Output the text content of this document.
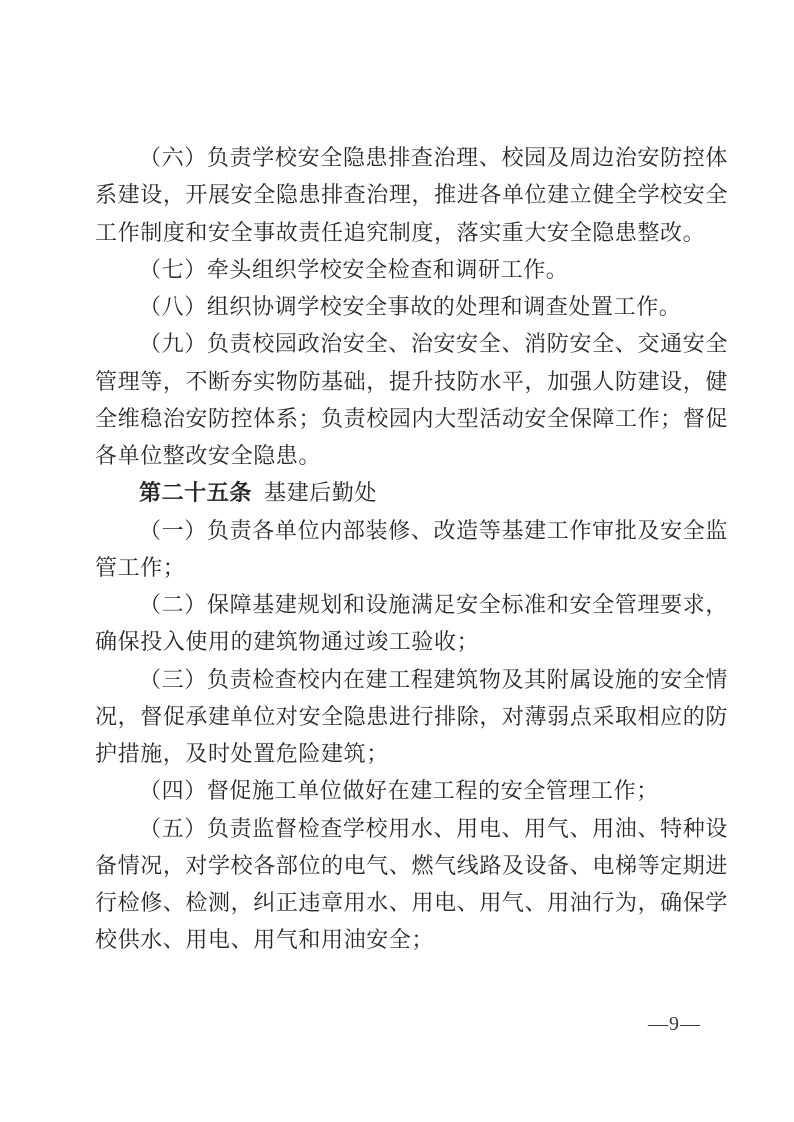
（六）负责学校安全隐患排查治理、校园及周边治安防控体系建设，开展安全隐患排查治理，推进各单位建立健全学校安全工作制度和安全事故责任追究制度，落实重大安全隐患整改。

（七）牵头组织学校安全检查和调研工作。

（八）组织协调学校安全事故的处理和调查处置工作。

（九）负责校园政治安全、治安安全、消防安全、交通安全管理等，不断夯实物防基础，提升技防水平，加强人防建设，健全维稳治安防控体系；负责校园内大型活动安全保障工作；督促各单位整改安全隐患。

第二十五条 基建后勤处

（一）负责各单位内部装修、改造等基建工作审批及安全监管工作；

（二）保障基建规划和设施满足安全标准和安全管理要求，确保投入使用的建筑物通过竣工验收；

（三）负责检查校内在建工程建筑物及其附属设施的安全情况，督促承建单位对安全隐患进行排除，对薄弱点采取相应的防护措施，及时处置危险建筑；

（四）督促施工单位做好在建工程的安全管理工作；

（五）负责监督检查学校用水、用电、用气、用油、特种设备情况，对学校各部位的电气、燃气线路及设备、电梯等定期进行检修、检测，纠正违章用水、用电、用气、用油行为，确保学校供水、用电、用气和用油安全；

—9—
